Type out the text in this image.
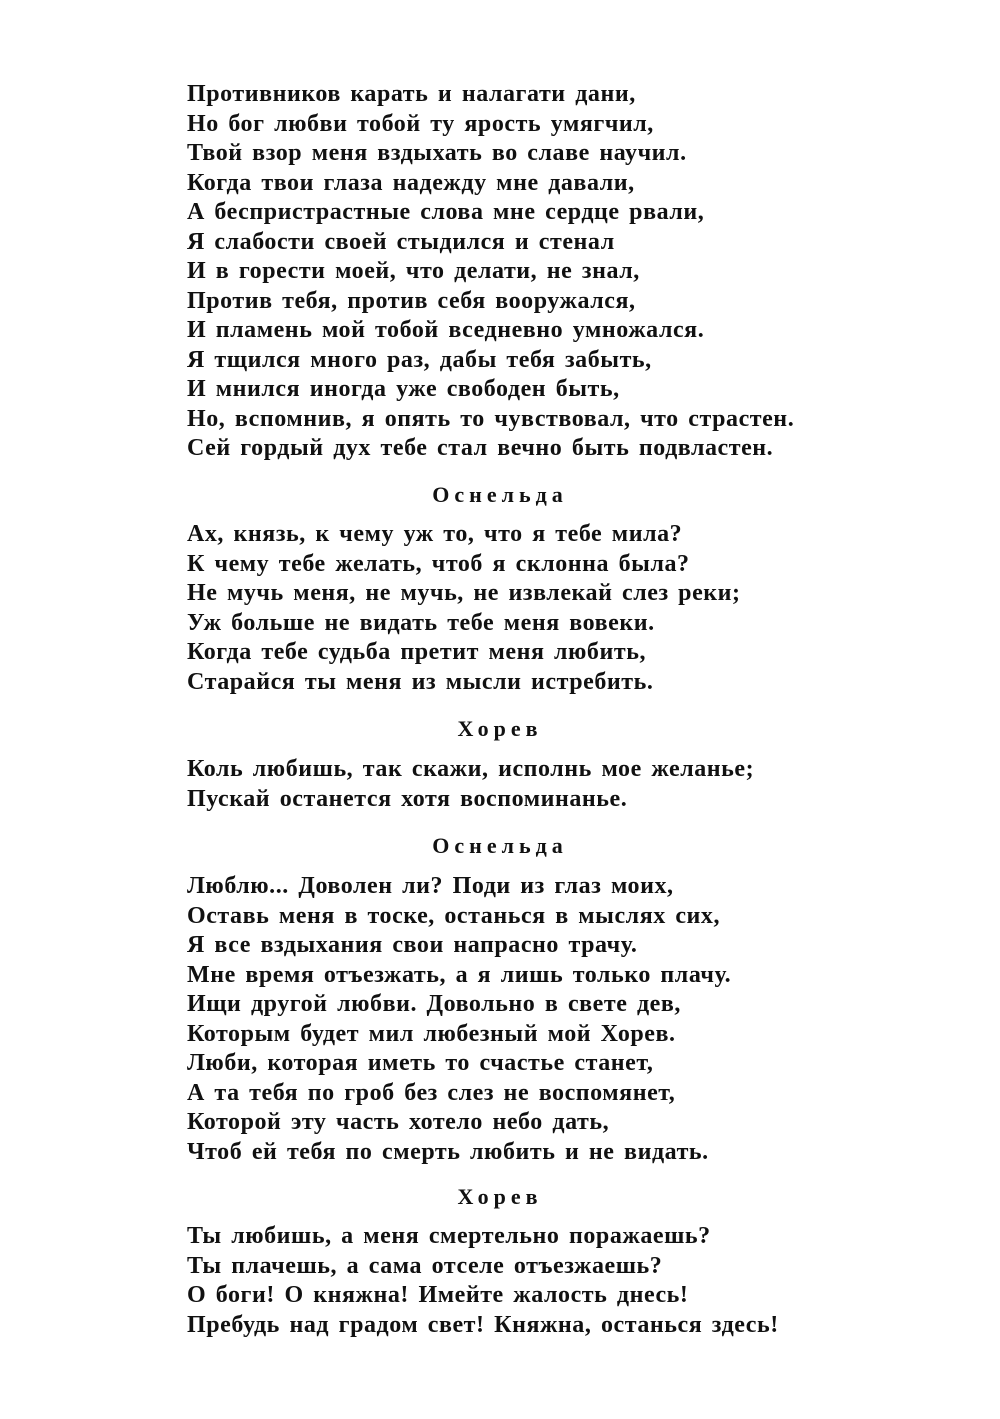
Противников карать и налагати дани,
Но бог любви тобой ту ярость умягчил,
Твой взор меня вздыхать во славе научил.
Когда твои глаза надежду мне давали,
А беспристрастные слова мне сердце рвали,
Я слабости своей стыдился и стенал
И в горести моей, что делати, не знал,
Против тебя, против себя вооружался,
И пламень мой тобой вседневно умножался.
Я тщился много раз, дабы тебя забыть,
И мнился иногда уже свободен быть,
Но, вспомнив, я опять то чувствовал, что страстен.
Сей гордый дух тебе стал вечно быть подвластен.
Оснельда
Ах, князь, к чему уж то, что я тебе мила?
К чему тебе желать, чтоб я склонна была?
Не мучь меня, не мучь, не извлекай слез реки;
Уж больше не видать тебе меня вовеки.
Когда тебе судьба претит меня любить,
Старайся ты меня из мысли истребить.
Хорев
Коль любишь, так скажи, исполнь мое желанье;
Пускай останется хотя воспоминанье.
Оснельда
Люблю... Доволен ли? Поди из глаз моих,
Оставь меня в тоске, останься в мыслях сих,
Я все вздыхания свои напрасно трачу.
Мне время отъезжать, а я лишь только плачу.
Ищи другой любви. Довольно в свете дев,
Которым будет мил любезный мой Хорев.
Люби, которая иметь то счастье станет,
А та тебя по гроб без слез не воспомянет,
Которой эту часть хотело небо дать,
Чтоб ей тебя по смерть любить и не видать.
Хорев
Ты любишь, а меня смертельно поражаешь?
Ты плачешь, а сама отселе отъезжаешь?
О боги! О княжна! Имейте жалость днесь!
Пребудь над градом свет! Княжна, останься здесь!
